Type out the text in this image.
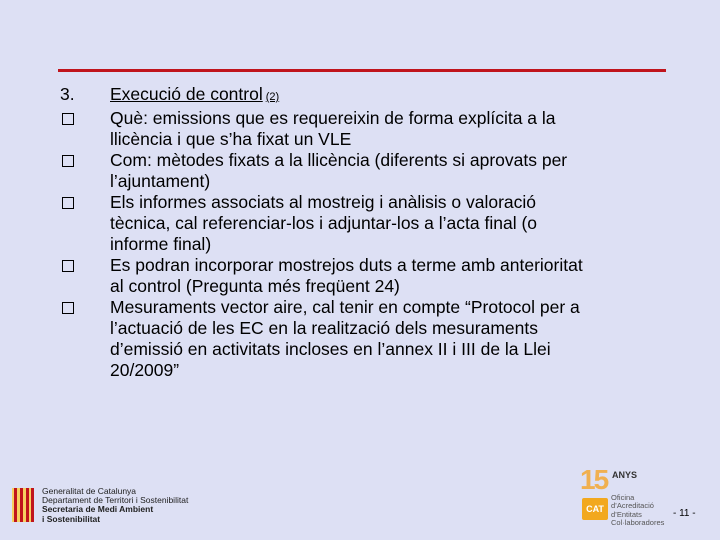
3.	Execució de control (2)
Què: emissions que es requereixin de forma explícita a la
llicència i que s’ha fixat un VLE
Com: mètodes fixats a la llicència (diferents si aprovats per
l’ajuntament)
Els informes associats al mostreig i anàlisis o valoració
tècnica, cal referenciar-los i adjuntar-los a l’acta final (o
informe final)
Es podran incorporar mostrejos duts a terme amb anterioritat
al control (Pregunta més freqüent 24)
Mesuraments vector aire, cal tenir en compte “Protocol per a
l’actuació de les EC en la realització dels mesuraments
d’emissió en activitats incloses en l’annex II i III de la Llei
20/2009”
Generalitat de Catalunya
Departament de Territori i Sostenibilitat
Secretaria de Medi Ambient
i Sostenibilitat
15 ANYS
CAT
Oficina
d’Acreditació
d’Entitats
Col·laboradores
- 11 -
